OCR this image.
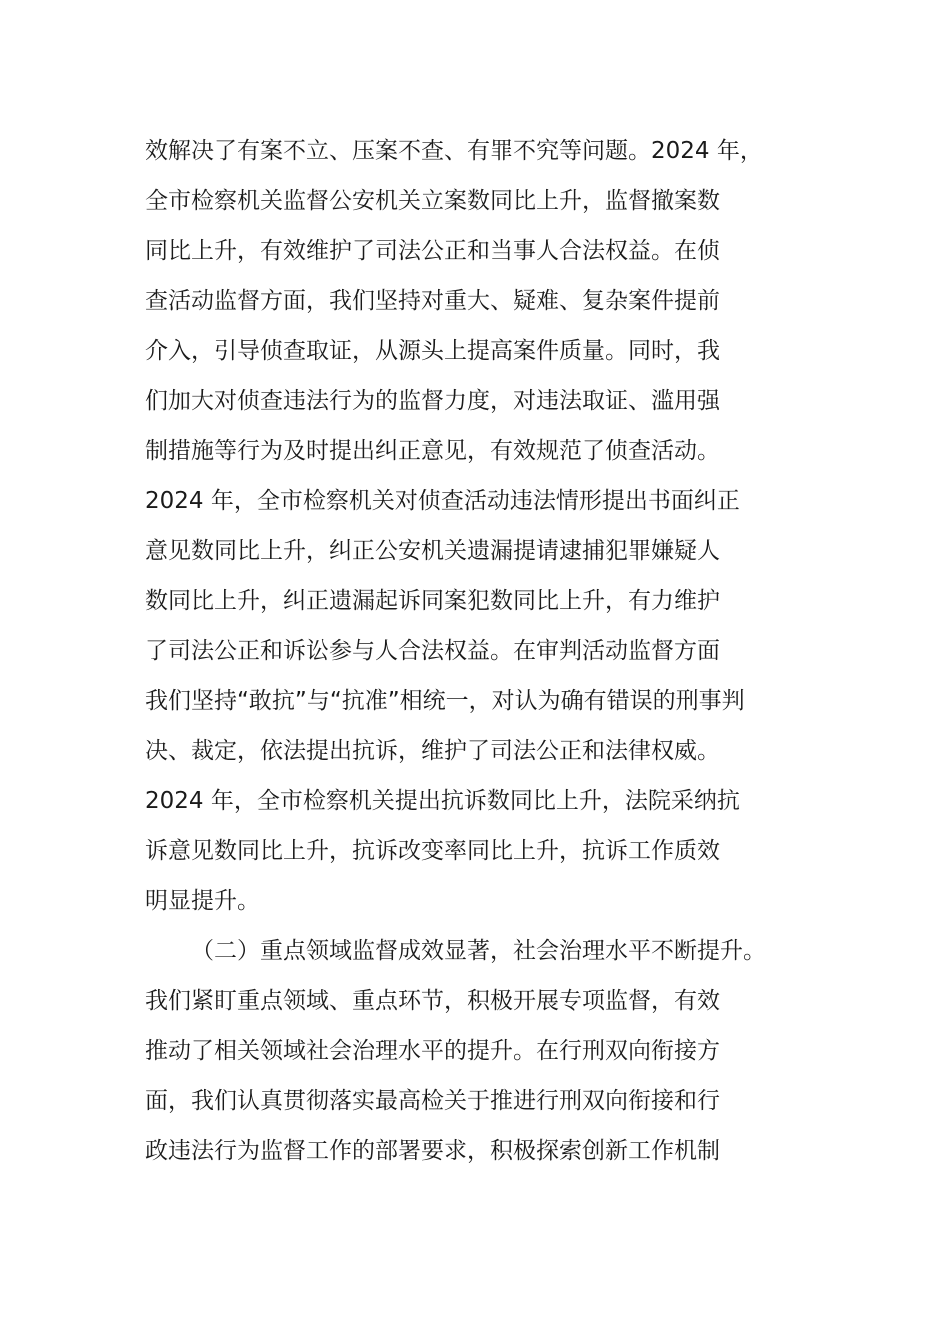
效解决了有案不立、压案不查、有罪不究等问题。2024 年，
全市检察机关监督公安机关立案数同比上升，监督撤案数
同比上升，有效维护了司法公正和当事人合法权益。在侦
查活动监督方面，我们坚持对重大、疑难、复杂案件提前
介入，引导侦查取证，从源头上提高案件质量。同时，我
们加大对侦查违法行为的监督力度，对违法取证、滥用强
制措施等行为及时提出纠正意见，有效规范了侦查活动。
2024 年，全市检察机关对侦查活动违法情形提出书面纠正
意见数同比上升，纠正公安机关遗漏提请逮捕犯罪嫌疑人
数同比上升，纠正遗漏起诉同案犯数同比上升，有力维护
了司法公正和诉讼参与人合法权益。在审判活动监督方面
我们坚持“敢抗”与“抗准”相统一，对认为确有错误的刑事判
决、裁定，依法提出抗诉，维护了司法公正和法律权威。
2024 年，全市检察机关提出抗诉数同比上升，法院采纳抗
诉意见数同比上升，抗诉改变率同比上升，抗诉工作质效
明显提升。
（二）重点领域监督成效显著，社会治理水平不断提升。
我们紧盯重点领域、重点环节，积极开展专项监督，有效
推动了相关领域社会治理水平的提升。在行刑双向衔接方
面，我们认真贯彻落实最高检关于推进行刑双向衔接和行
政违法行为监督工作的部署要求，积极探索创新工作机制
